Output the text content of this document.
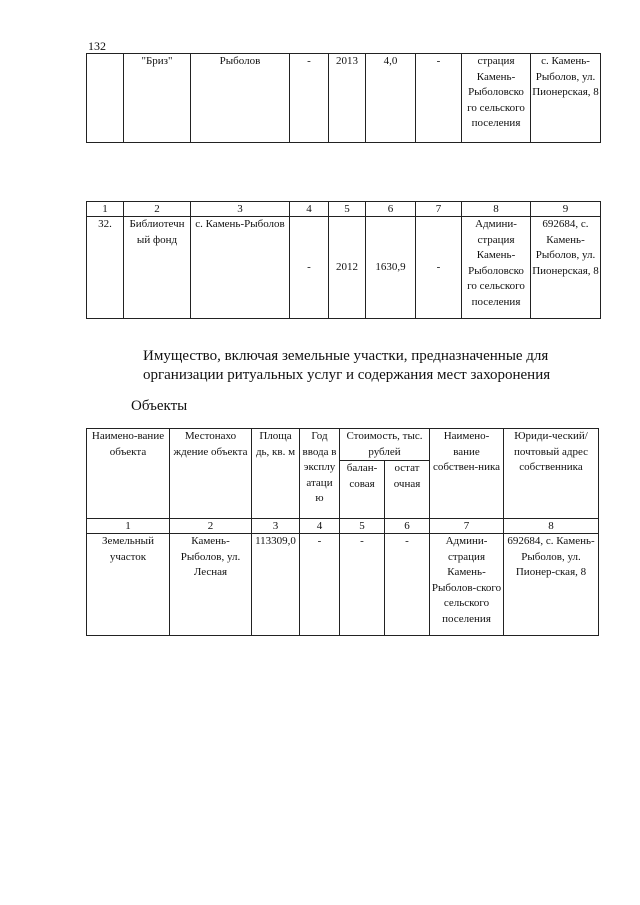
132
	"Бриз"	Рыболов	-	2013	4,0	-	страция Камень-Рыболовско го сельского поселения	с. Камень-Рыболов, ул. Пионерская, 8
1	2	3	4	5	6	7	8	9
32.	Библиотечн ый фонд	с. Камень-Рыболов	-	2012	1630,9	-	Админи-страция Камень-Рыболовско го сельского поселения	692684, с. Камень-Рыболов, ул. Пионерская, 8
Имущество, включая земельные участки, предназначенные для
организации ритуальных услуг и содержания мест захоронения
Объекты
Наимено-вание объекта	Местонахо ждение объекта	Площа дь, кв. м	Год ввода в эксплу атаци ю	Стоимость, тыс. рублей		Наимено-вание собствен-ника	Юриди-ческий/ почтовый адрес собственника
				балан-совая	остат очная		
1	2	3	4	5	6	7	8
Земельный участок	Камень-Рыболов, ул. Лесная	113309,0	-	-	-	Админи-страция Камень-Рыболов-ского сельского поселения	692684, с. Камень-Рыболов, ул. Пионер-ская, 8
